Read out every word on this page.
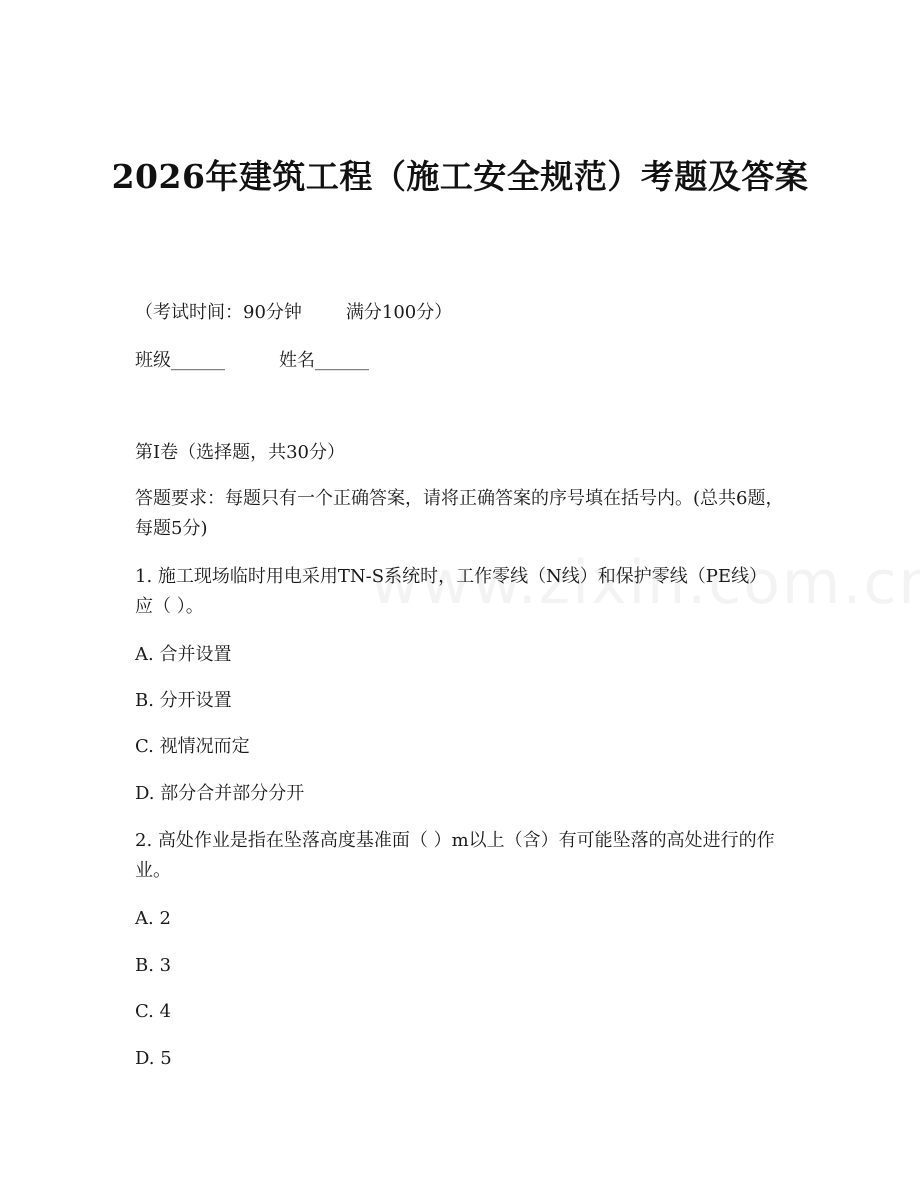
2026年建筑工程（施工安全规范）考题及答案
（考试时间：90分钟 满分100分）
班级______	姓名______
第I卷（选择题，共30分）
答题要求：每题只有一个正确答案，请将正确答案的序号填在括号内。(总共6题，每题5分)
1. 施工现场临时用电采用TN-S系统时，工作零线（N线）和保护零线（PE线）应（ ）。
A. 合并设置
B. 分开设置
C. 视情况而定
D. 部分合并部分分开
2. 高处作业是指在坠落高度基准面（ ）m以上（含）有可能坠落的高处进行的作业。
A. 2
B. 3
C. 4
D. 5
